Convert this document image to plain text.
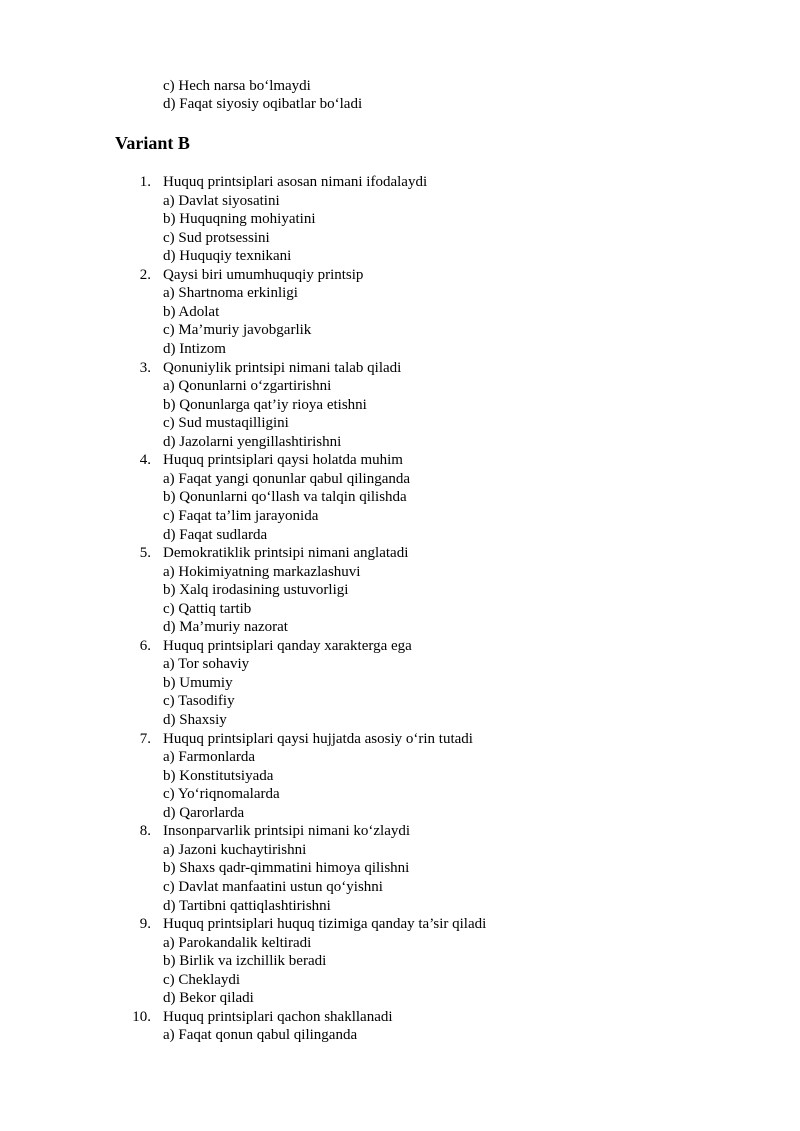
c) Hech narsa bo‘lmaydi
d) Faqat siyosiy oqibatlar bo‘ladi
Variant B
1. Huquq printsiplari asosan nimani ifodalaydi
a) Davlat siyosatini
b) Huquqning mohiyatini
c) Sud protsessini
d) Huquqiy texnikani
2. Qaysi biri umumhuquqiy printsip
a) Shartnoma erkinligi
b) Adolat
c) Ma’muriy javobgarlik
d) Intizom
3. Qonuniylik printsipi nimani talab qiladi
a) Qonunlarni o‘zgartirishni
b) Qonunlarga qat’iy rioya etishni
c) Sud mustaqilligini
d) Jazolarni yengillashtirishni
4. Huquq printsiplari qaysi holatda muhim
a) Faqat yangi qonunlar qabul qilinganda
b) Qonunlarni qo‘llash va talqin qilishda
c) Faqat ta’lim jarayonida
d) Faqat sudlarda
5. Demokratiklik printsipi nimani anglatadi
a) Hokimiyatning markazlashuvi
b) Xalq irodasining ustuvorligi
c) Qattiq tartib
d) Ma’muriy nazorat
6. Huquq printsiplari qanday xarakterga ega
a) Tor sohaviy
b) Umumiy
c) Tasodifiy
d) Shaxsiy
7. Huquq printsiplari qaysi hujjatda asosiy o‘rin tutadi
a) Farmonlarda
b) Konstitutsiyada
c) Yo‘riqnomalarda
d) Qarorlarda
8. Insonparvarlik printsipi nimani ko‘zlaydi
a) Jazoni kuchaytirishni
b) Shaxs qadr-qimmatini himoya qilishni
c) Davlat manfaatini ustun qo‘yishni
d) Tartibni qattiqlashtirishni
9. Huquq printsiplari huquq tizimiga qanday ta’sir qiladi
a) Parokandalik keltiradi
b) Birlik va izchillik beradi
c) Cheklaydi
d) Bekor qiladi
10. Huquq printsiplari qachon shakllanadi
a) Faqat qonun qabul qilinganda
